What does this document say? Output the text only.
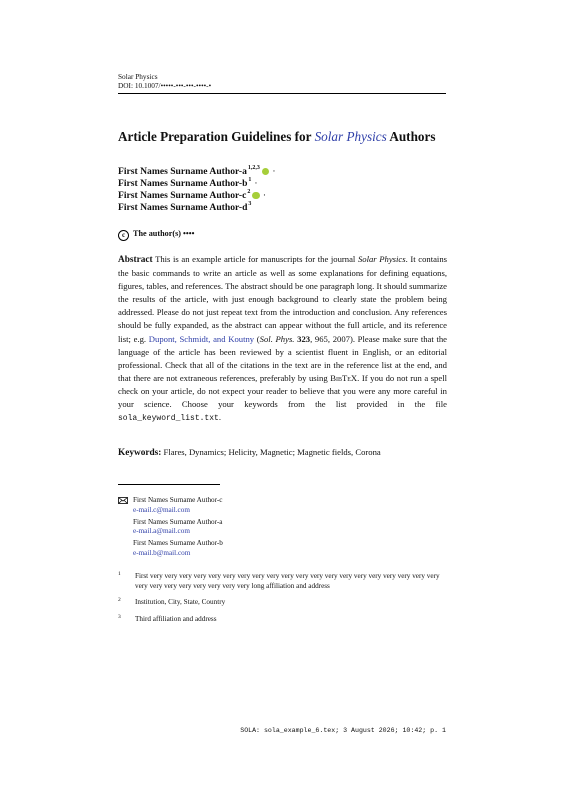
Solar Physics
DOI: 10.1007/•••••-•••-•••-••••-•
Article Preparation Guidelines for Solar Physics Authors
First Names Surname Author-$a^{1,2,3}$ ·
First Names Surname Author-$b^1$ ·
First Names Surname Author-$c^2$ ·
First Names Surname Author-$d^3$
c The author(s) ••••
Abstract This is an example article for manuscripts for the journal Solar Physics. It contains the basic commands to write an article as well as some explanations for defining equations, figures, tables, and references. The abstract should be one paragraph long. It should summarize the results of the article, with just enough background to clearly state the problem being addressed. Please do not just repeat text from the introduction and conclusion. Any references should be fully expanded, as the abstract can appear without the full article, and its reference list; e.g. Dupont, Schmidt, and Koutny (Sol. Phys. 323, 965, 2007). Please make sure that the language of the article has been reviewed by a scientist fluent in English, or an editorial professional. Check that all of the citations in the text are in the reference list at the end, and that there are not extraneous references, preferably by using BibTeX. If you do not run a spell check on your article, do not expect your reader to believe that you were any more careful in your science. Choose your keywords from the list provided in the file sola_keyword_list.txt.
Keywords: Flares, Dynamics; Helicity, Magnetic; Magnetic fields, Corona
First Names Surname Author-c
e-mail.c@mail.com
First Names Surname Author-a
e-mail.a@mail.com
First Names Surname Author-b
e-mail.b@mail.com
1 First very very very very very very very very very very very very very very very very very very very very very very very very very very very very long affiliation and address
2 Institution, City, State, Country
3 Third affiliation and address
SOLA: sola_example_6.tex; 3 August 2026; 10:42; p. 1
